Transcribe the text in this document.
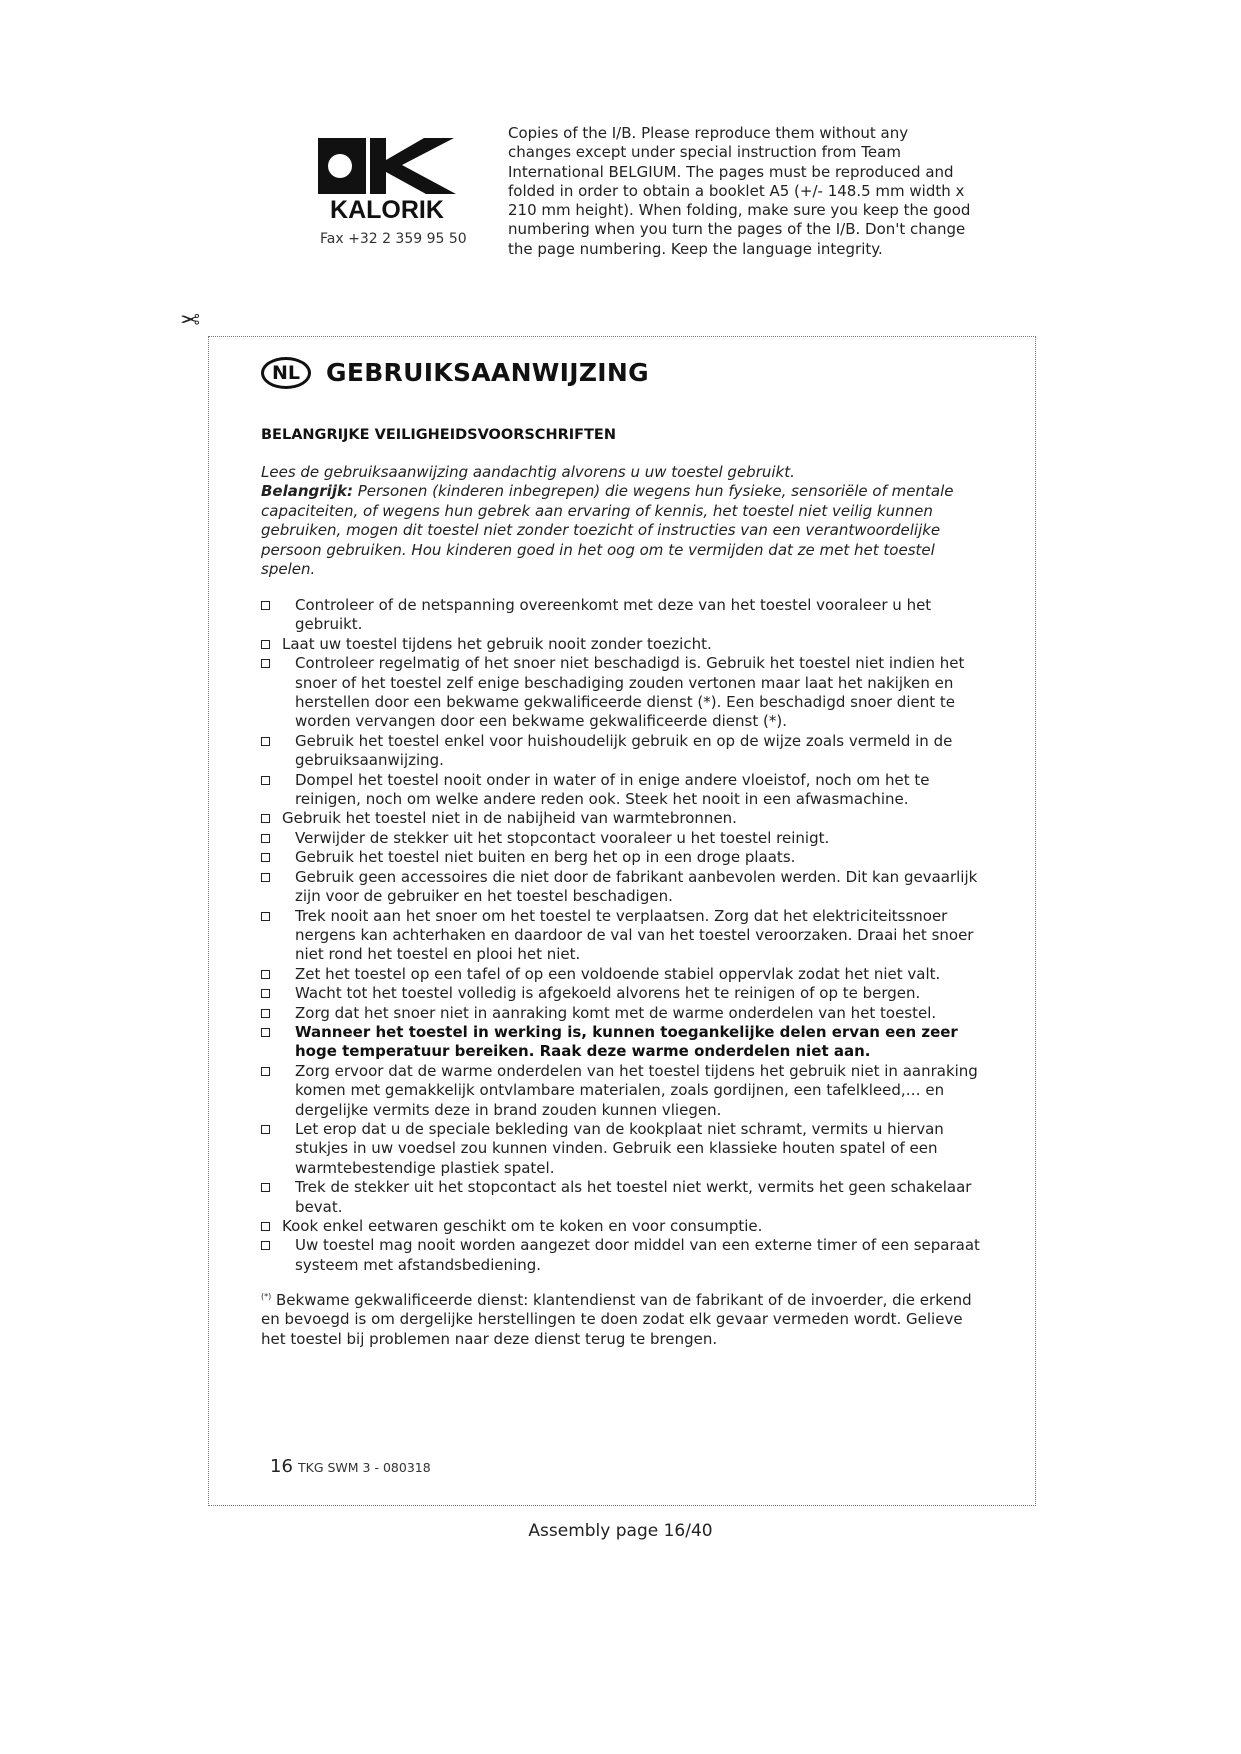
KALORIK
Fax +32 2 359 95 50
Copies of the I/B. Please reproduce them without any
changes except under special instruction from Team
International BELGIUM. The pages must be reproduced and
folded in order to obtain a booklet A5 (+/- 148.5 mm width x
210 mm height). When folding, make sure you keep the good
numbering when you turn the pages of the I/B. Don't change
the page numbering. Keep the language integrity.
✂
NL	GEBRUIKSAANWIJZING
BELANGRIJKE VEILIGHEIDSVOORSCHRIFTEN

Lees de gebruiksaanwijzing aandachtig alvorens u uw toestel gebruikt.

Belangrijk: Personen (kinderen inbegrepen) die wegens hun fysieke, sensoriële of mentale capaciteiten, of wegens hun gebrek aan ervaring of kennis, het toestel niet veilig kunnen gebruiken, mogen dit toestel niet zonder toezicht of instructies van een verantwoordelijke persoon gebruiken. Hou kinderen goed in het oog om te vermijden dat ze met het toestel spelen.

Controleer of de netspanning overeenkomt met deze van het toestel vooraleer u het gebruikt.
Laat uw toestel tijdens het gebruik nooit zonder toezicht.
Controleer regelmatig of het snoer niet beschadigd is. Gebruik het toestel niet indien het snoer of het toestel zelf enige beschadiging zouden vertonen maar laat het nakijken en herstellen door een bekwame gekwalificeerde dienst (*). Een beschadigd snoer dient te worden vervangen door een bekwame gekwalificeerde dienst (*).
Gebruik het toestel enkel voor huishoudelijk gebruik en op de wijze zoals vermeld in de gebruiksaanwijzing.
Dompel het toestel nooit onder in water of in enige andere vloeistof, noch om het te reinigen, noch om welke andere reden ook. Steek het nooit in een afwasmachine.
Gebruik het toestel niet in de nabijheid van warmtebronnen.
Verwijder de stekker uit het stopcontact vooraleer u het toestel reinigt.
Gebruik het toestel niet buiten en berg het op in een droge plaats.
Gebruik geen accessoires die niet door de fabrikant aanbevolen werden. Dit kan gevaarlijk zijn voor de gebruiker en het toestel beschadigen.
Trek nooit aan het snoer om het toestel te verplaatsen. Zorg dat het elektriciteitssnoer nergens kan achterhaken en daardoor de val van het toestel veroorzaken. Draai het snoer niet rond het toestel en plooi het niet.
Zet het toestel op een tafel of op een voldoende stabiel oppervlak zodat het niet valt.
Wacht tot het toestel volledig is afgekoeld alvorens het te reinigen of op te bergen.
Zorg dat het snoer niet in aanraking komt met de warme onderdelen van het toestel.
Wanneer het toestel in werking is, kunnen toegankelijke delen ervan een zeer hoge temperatuur bereiken. Raak deze warme onderdelen niet aan.
Zorg ervoor dat de warme onderdelen van het toestel tijdens het gebruik niet in aanraking komen met gemakkelijk ontvlambare materialen, zoals gordijnen, een tafelkleed,… en dergelijke vermits deze in brand zouden kunnen vliegen.
Let erop dat u de speciale bekleding van de kookplaat niet schramt, vermits u hiervan stukjes in uw voedsel zou kunnen vinden. Gebruik een klassieke houten spatel of een warmtebestendige plastiek spatel.
Trek de stekker uit het stopcontact als het toestel niet werkt, vermits het geen schakelaar bevat.
Kook enkel eetwaren geschikt om te koken en voor consumptie.
Uw toestel mag nooit worden aangezet door middel van een externe timer of een separaat systeem met afstandsbediening.

(*) Bekwame gekwalificeerde dienst: klantendienst van de fabrikant of de invoerder, die erkend en bevoegd is om dergelijke herstellingen te doen zodat elk gevaar vermeden wordt. Gelieve het toestel bij problemen naar deze dienst terug te brengen.

16 TKG SWM 3 - 080318
Assembly page 16/40
